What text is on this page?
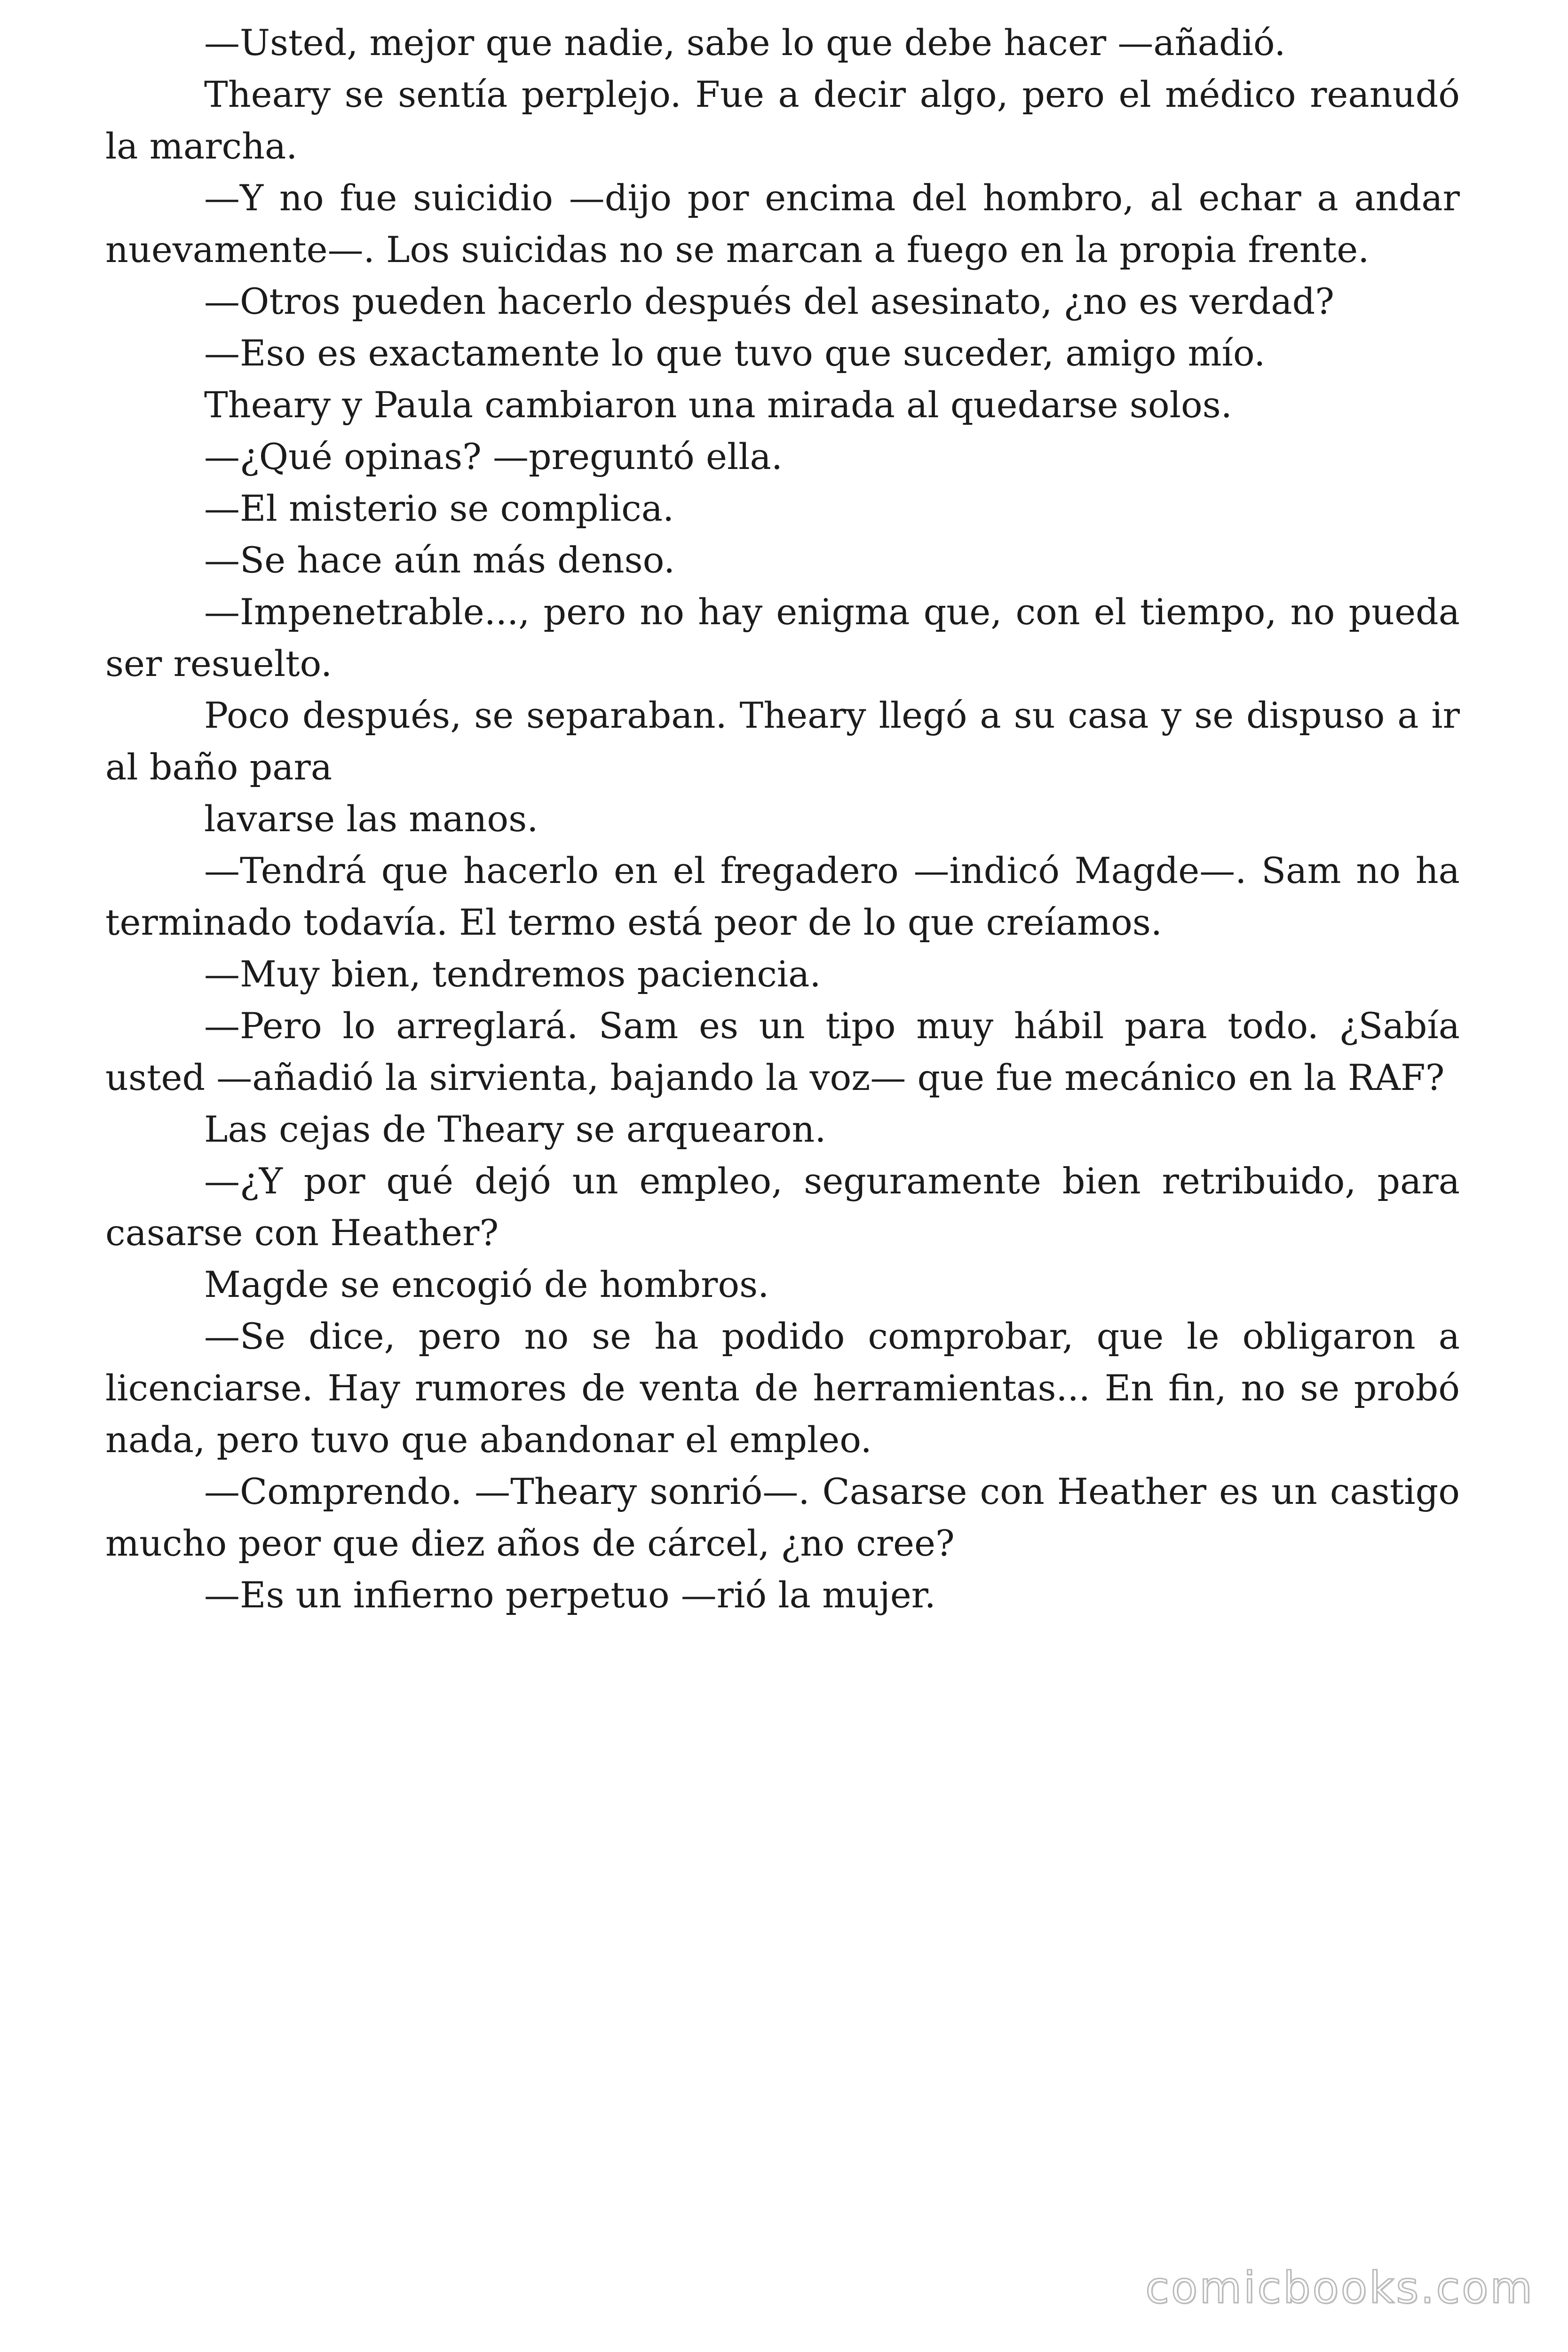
—Usted, mejor que nadie, sabe lo que debe hacer —añadió.

Theary se sentía perplejo. Fue a decir algo, pero el médico reanudó la marcha.

—Y no fue suicidio —dijo por encima del hombro, al echar a andar nuevamente—. Los suicidas no se marcan a fuego en la propia frente.

—Otros pueden hacerlo después del asesinato, ¿no es verdad?

—Eso es exactamente lo que tuvo que suceder, amigo mío.

Theary y Paula cambiaron una mirada al quedarse solos.

—¿Qué opinas? —preguntó ella.

—El misterio se complica.

—Se hace aún más denso.

—Impenetrable..., pero no hay enigma que, con el tiempo, no pueda ser resuelto.

Poco después, se separaban. Theary llegó a su casa y se dispuso a ir al baño para

lavarse las manos.

—Tendrá que hacerlo en el fregadero —indicó Magde—. Sam no ha terminado todavía. El termo está peor de lo que creíamos.

—Muy bien, tendremos paciencia.

—Pero lo arreglará. Sam es un tipo muy hábil para todo. ¿Sabía usted —añadió la sirvienta, bajando la voz— que fue mecánico en la RAF?

Las cejas de Theary se arquearon.

—¿Y por qué dejó un empleo, seguramente bien retribuido, para casarse con Heather?

Magde se encogió de hombros.

—Se dice, pero no se ha podido comprobar, que le obligaron a licenciarse. Hay rumores de venta de herramientas... En fin, no se probó nada, pero tuvo que abandonar el empleo.

—Comprendo. —Theary sonrió—. Casarse con Heather es un castigo mucho peor que diez años de cárcel, ¿no cree?

—Es un infierno perpetuo —rió la mujer.

comicbooks.com
